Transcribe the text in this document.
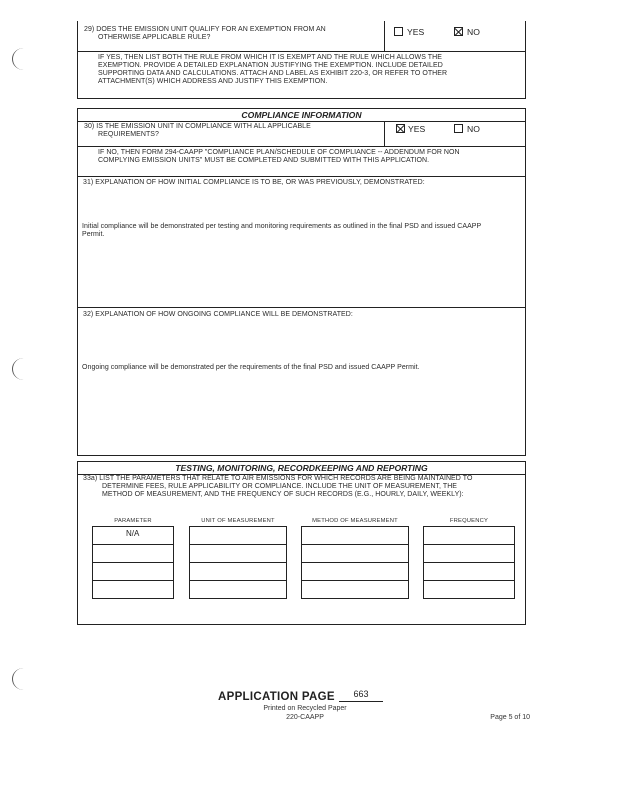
29) DOES THE EMISSION UNIT QUALIFY FOR AN EXEMPTION FROM AN
OTHERWISE APPLICABLE RULE?
YES	NO
IF YES, THEN LIST BOTH THE RULE FROM WHICH IT IS EXEMPT AND THE RULE WHICH ALLOWS THE
EXEMPTION. PROVIDE A DETAILED EXPLANATION JUSTIFYING THE EXEMPTION. INCLUDE DETAILED
SUPPORTING DATA AND CALCULATIONS. ATTACH AND LABEL AS EXHIBIT 220-3, OR REFER TO OTHER
ATTACHMENT(S) WHICH ADDRESS AND JUSTIFY THIS EXEMPTION.
COMPLIANCE INFORMATION
30) IS THE EMISSION UNIT IN COMPLIANCE WITH ALL APPLICABLE
REQUIREMENTS?
YES	NO
IF NO, THEN FORM 294-CAAPP "COMPLIANCE PLAN/SCHEDULE OF COMPLIANCE -- ADDENDUM FOR NON
COMPLYING EMISSION UNITS" MUST BE COMPLETED AND SUBMITTED WITH THIS APPLICATION.
31) EXPLANATION OF HOW INITIAL COMPLIANCE IS TO BE, OR WAS PREVIOUSLY, DEMONSTRATED:
Initial compliance will be demonstrated per testing and monitoring requirements as outlined in the final PSD and issued CAAPP
Permit.
32) EXPLANATION OF HOW ONGOING COMPLIANCE WILL BE DEMONSTRATED:
Ongoing compliance will be demonstrated per the requirements of the final PSD and issued CAAPP Permit.
TESTING, MONITORING, RECORDKEEPING AND REPORTING
33a) LIST THE PARAMETERS THAT RELATE TO AIR EMISSIONS FOR WHICH RECORDS ARE BEING MAINTAINED TO
DETERMINE FEES, RULE APPLICABILITY OR COMPLIANCE. INCLUDE THE UNIT OF MEASUREMENT, THE
METHOD OF MEASUREMENT, AND THE FREQUENCY OF SUCH RECORDS (E.G., HOURLY, DAILY, WEEKLY):
PARAMETER	UNIT OF MEASUREMENT	METHOD OF MEASUREMENT	FREQUENCY
N/A
APPLICATION PAGE	663
Printed on Recycled Paper
220-CAAPP	Page 5 of 10
